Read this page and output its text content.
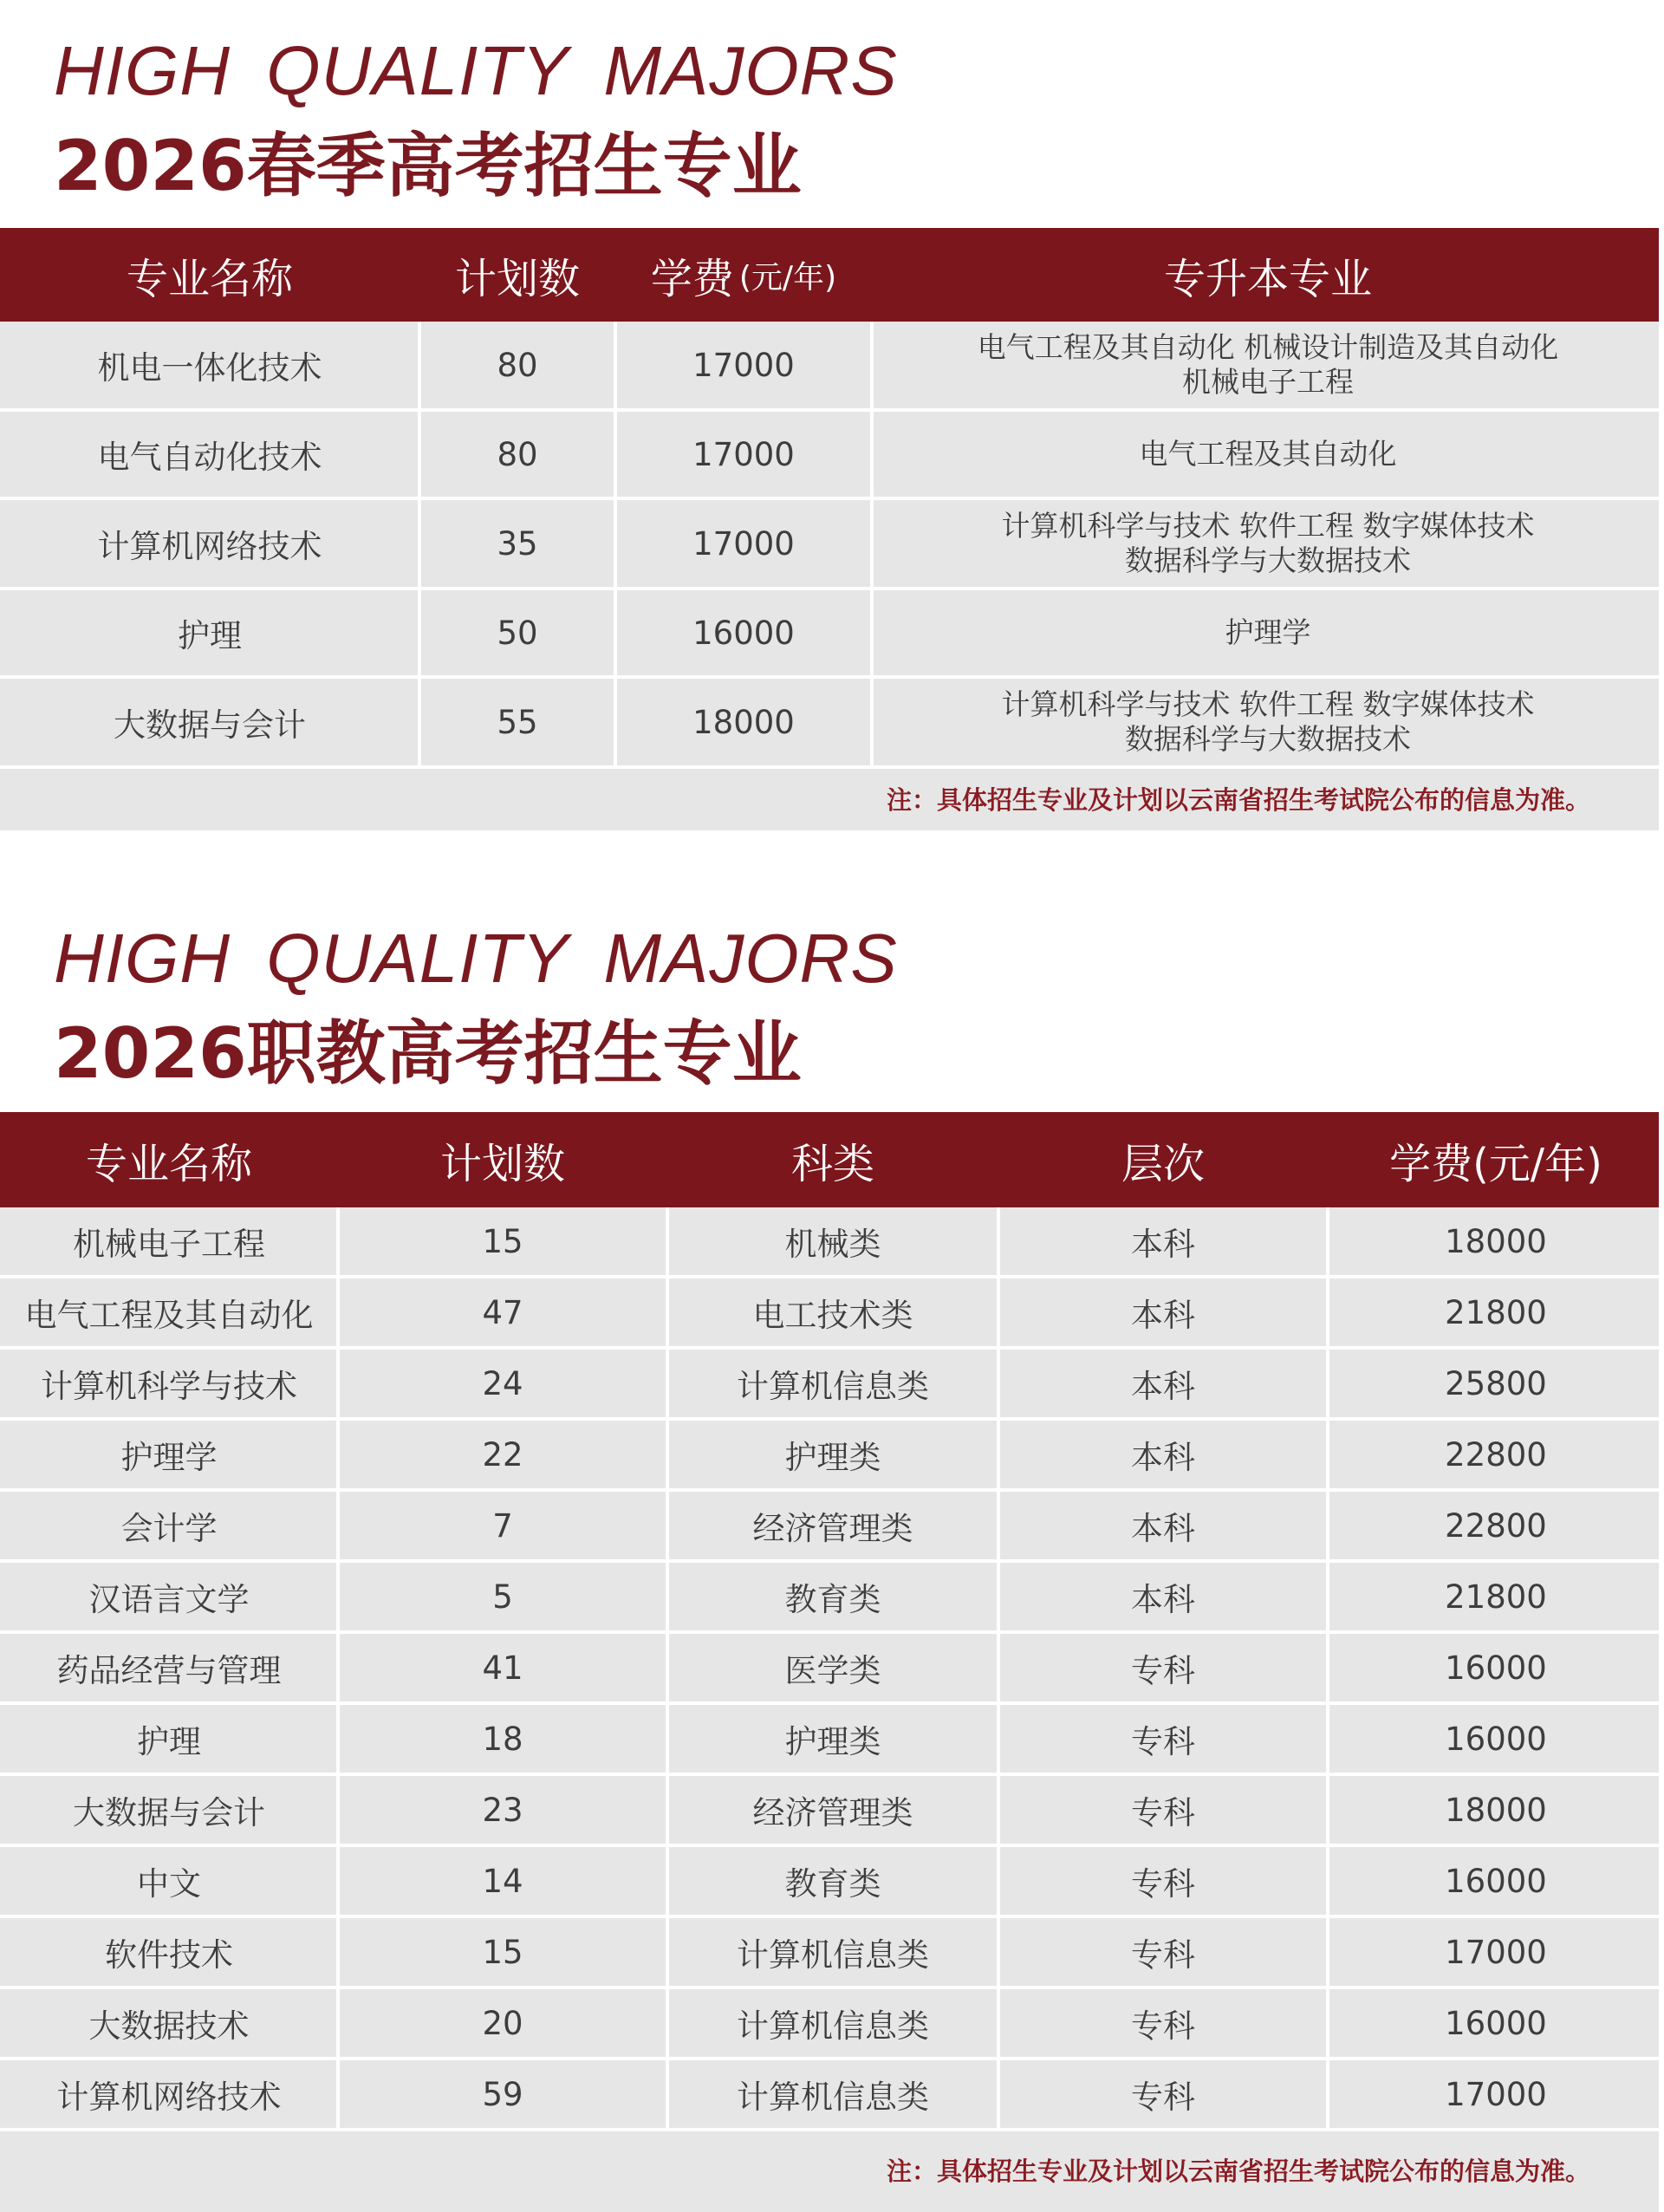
HIGH QUALITY MAJORS
2026春季高考招生专业
专业名称	计划数 学费 (元/年)	专升本专业
机电一体化技术	80	17000	电气工程及其自动化 机械设计制造及其自动化
机械电子工程
电气自动化技术	80	17000	电气工程及其自动化
计算机网络技术	35	17000	计算机科学与技术 软件工程 数字媒体技术
数据科学与大数据技术
护理	50	16000	护理学
大数据与会计	55	18000	计算机科学与技术 软件工程 数字媒体技术
数据科学与大数据技术
注：具体招生专业及计划以云南省招生考试院公布的信息为准。
HIGH QUALITY MAJORS
2026职教高考招生专业
专业名称	计划数	科类	层次	学费(元/年)
机械电子工程	15	机械类	本科	18000
电气工程及其自动化	47	电工技术类	本科	21800
计算机科学与技术	24	计算机信息类	本科	25800
护理学	22	护理类	本科	22800
会计学	7	经济管理类	本科	22800
汉语言文学	5	教育类	本科	21800
药品经营与管理	41	医学类	专科	16000
护理	18	护理类	专科	16000
大数据与会计	23	经济管理类	专科	18000
中文	14	教育类	专科	16000
软件技术	15	计算机信息类	专科	17000
大数据技术	20	计算机信息类	专科	16000
计算机网络技术	59	计算机信息类	专科	17000
注：具体招生专业及计划以云南省招生考试院公布的信息为准。
